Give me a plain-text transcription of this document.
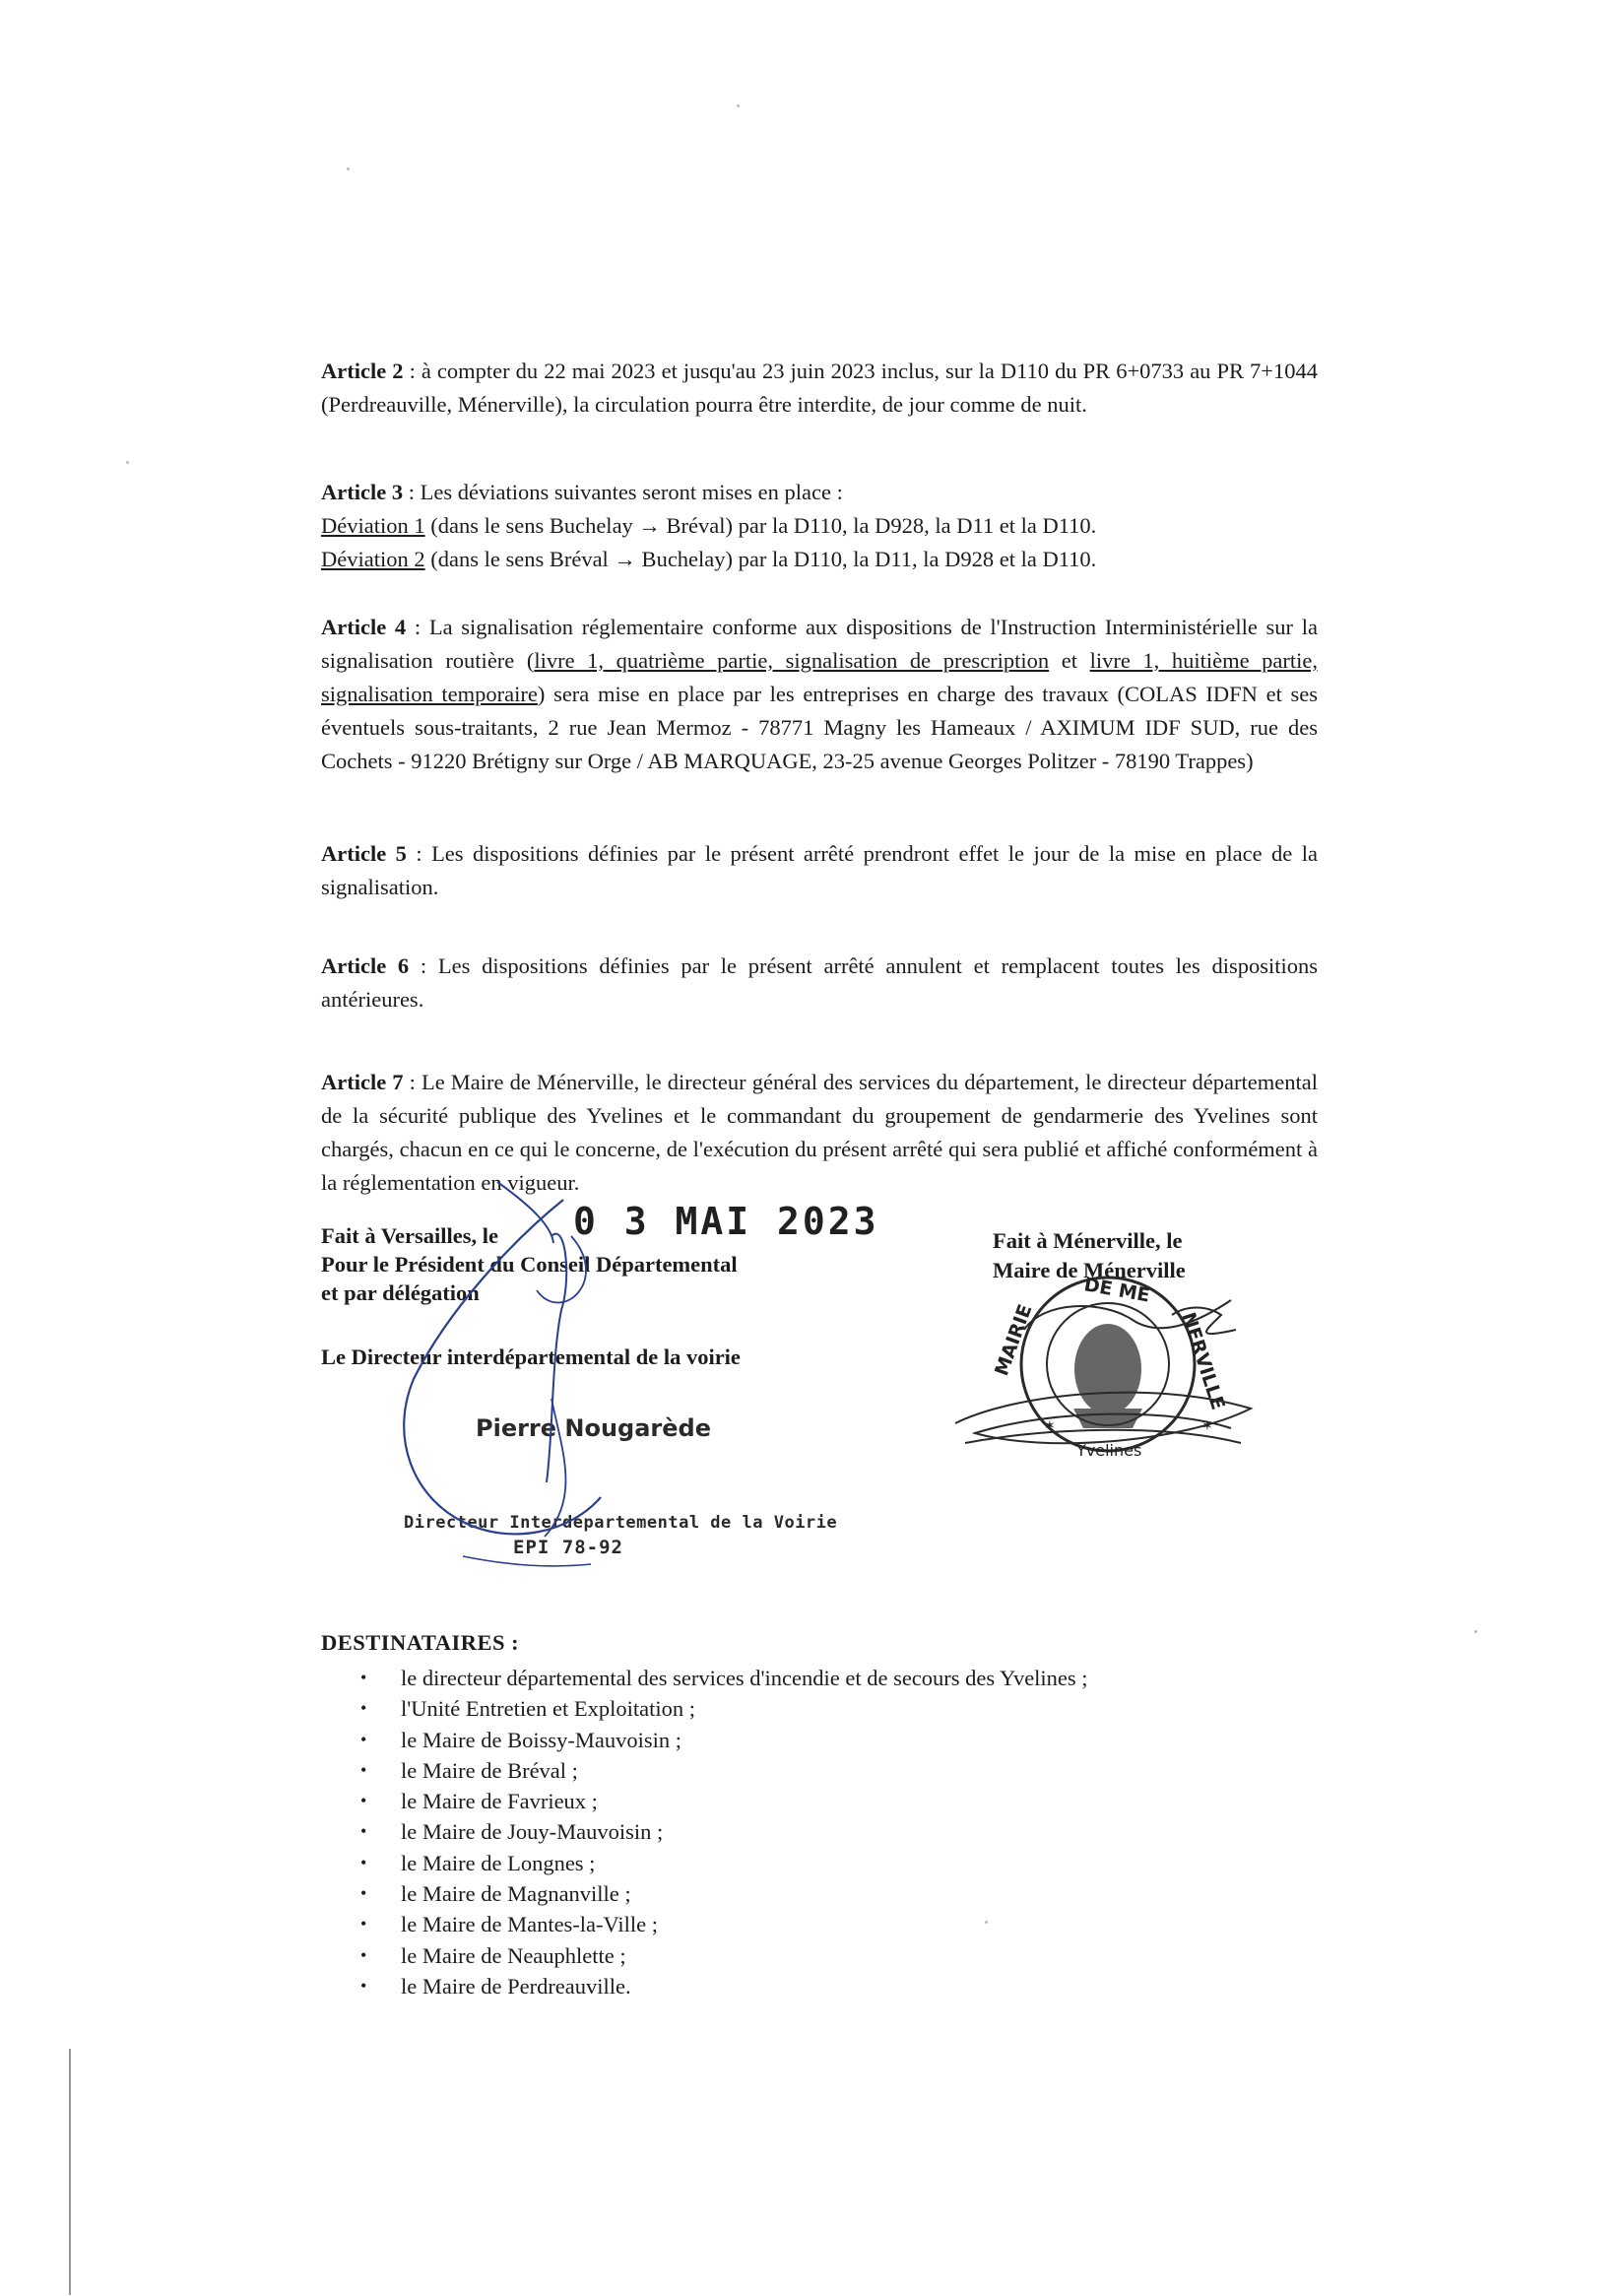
Article 2 : à compter du 22 mai 2023 et jusqu'au 23 juin 2023 inclus, sur la D110 du PR 6+0733 au PR 7+1044 (Perdreauville, Ménerville), la circulation pourra être interdite, de jour comme de nuit.

Article 3 : Les déviations suivantes seront mises en place :

Déviation 1 (dans le sens Buchelay → Bréval) par la D110, la D928, la D11 et la D110.

Déviation 2 (dans le sens Bréval → Buchelay) par la D110, la D11, la D928 et la D110.

Article 4 : La signalisation réglementaire conforme aux dispositions de l'Instruction Interministérielle sur la signalisation routière (livre 1, quatrième partie, signalisation de prescription et livre 1, huitième partie, signalisation temporaire) sera mise en place par les entreprises en charge des travaux (COLAS IDFN et ses éventuels sous-traitants, 2 rue Jean Mermoz - 78771 Magny les Hameaux / AXIMUM IDF SUD, rue des Cochets - 91220 Brétigny sur Orge / AB MARQUAGE, 23-25 avenue Georges Politzer - 78190 Trappes)

Article 5 : Les dispositions définies par le présent arrêté prendront effet le jour de la mise en place de la signalisation.

Article 6 : Les dispositions définies par le présent arrêté annulent et remplacent toutes les dispositions antérieures.

Article 7 : Le Maire de Ménerville, le directeur général des services du département, le directeur départemental de la sécurité publique des Yvelines et le commandant du groupement de gendarmerie des Yvelines sont chargés, chacun en ce qui le concerne, de l'exécution du présent arrêté qui sera publié et affiché conformément à la réglementation en vigueur.

Fait à Versailles, le
Pour le Président du Conseil Départemental
et par délégation
0 3 MAI 2023
Le Directeur interdépartemental de la voirie
Pierre Nougarède
Directeur Interdépartemental de la Voirie
EPI 78-92
Fait à Ménerville, le
Maire de Ménerville
MAIRIE
DE ME
NERVILLE
Yvelines
✶	✶
DESTINATAIRES :
• le directeur départemental des services d'incendie et de secours des Yvelines ;
• l'Unité Entretien et Exploitation ;
• le Maire de Boissy-Mauvoisin ;
• le Maire de Bréval ;
• le Maire de Favrieux ;
• le Maire de Jouy-Mauvoisin ;
• le Maire de Longnes ;
• le Maire de Magnanville ;
• le Maire de Mantes-la-Ville ;
• le Maire de Neauphlette ;
• le Maire de Perdreauville.
